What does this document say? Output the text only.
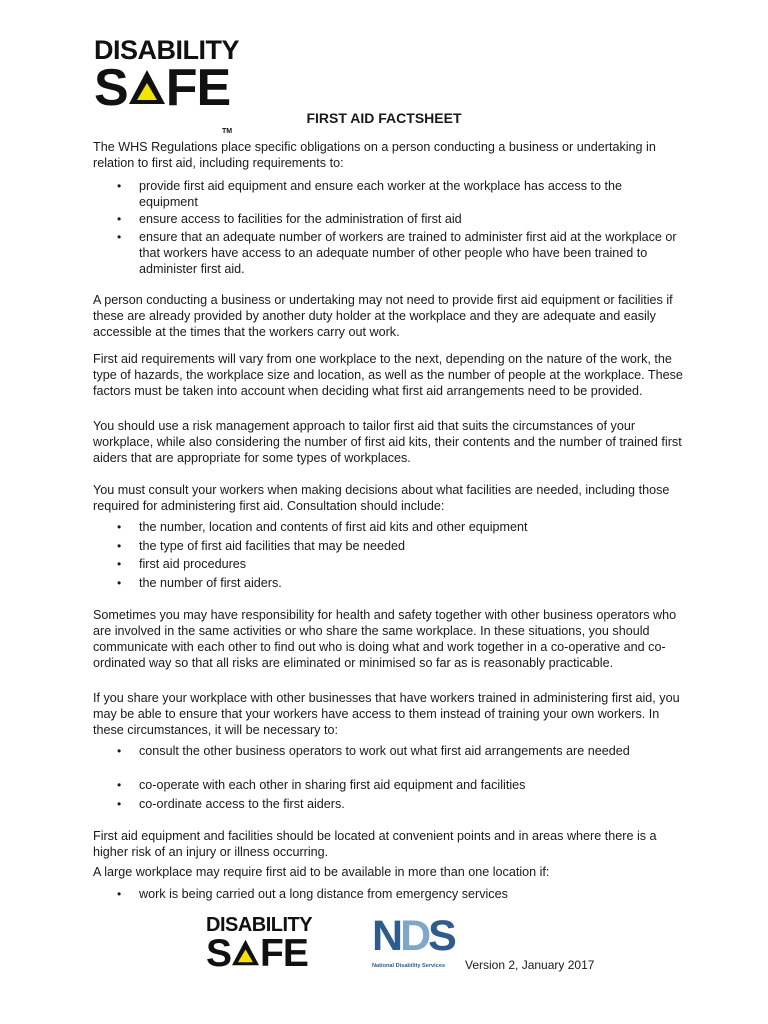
DISABILITY
S FE
TM
FIRST AID FACTSHEET

The WHS Regulations place specific obligations on a person conducting a business or undertaking in relation to first aid, including requirements to:

•	provide first aid equipment and ensure each worker at the workplace has access to the equipment
•	ensure access to facilities for the administration of first aid
•	ensure that an adequate number of workers are trained to administer first aid at the workplace or that workers have access to an adequate number of other people who have been trained to administer first aid.

A person conducting a business or undertaking may not need to provide first aid equipment or facilities if these are already provided by another duty holder at the workplace and they are adequate and easily accessible at the times that the workers carry out work.

First aid requirements will vary from one workplace to the next, depending on the nature of the work, the type of hazards, the workplace size and location, as well as the number of people at the workplace. These factors must be taken into account when deciding what first aid arrangements need to be provided.

You should use a risk management approach to tailor first aid that suits the circumstances of your workplace, while also considering the number of first aid kits, their contents and the number of trained first aiders that are appropriate for some types of workplaces.

You must consult your workers when making decisions about what facilities are needed, including those required for administering first aid. Consultation should include:

•	the number, location and contents of first aid kits and other equipment
•	the type of first aid facilities that may be needed
•	first aid procedures
•	the number of first aiders.

Sometimes you may have responsibility for health and safety together with other business operators who are involved in the same activities or who share the same workplace. In these situations, you should communicate with each other to find out who is doing what and work together in a co-operative and co-ordinated way so that all risks are eliminated or minimised so far as is reasonably practicable.

If you share your workplace with other businesses that have workers trained in administering first aid, you may be able to ensure that your workers have access to them instead of training your own workers. In these circumstances, it will be necessary to:

•	consult the other business operators to work out what first aid arrangements are needed
•	co-operate with each other in sharing first aid equipment and facilities
•	co-ordinate access to the first aiders.

First aid equipment and facilities should be located at convenient points and in areas where there is a higher risk of an injury or illness occurring.

A large workplace may require first aid to be available in more than one location if:

•	work is being carried out a long distance from emergency services
DISABILITY
S FE NDS
National Disability Services Version 2, January 2017
